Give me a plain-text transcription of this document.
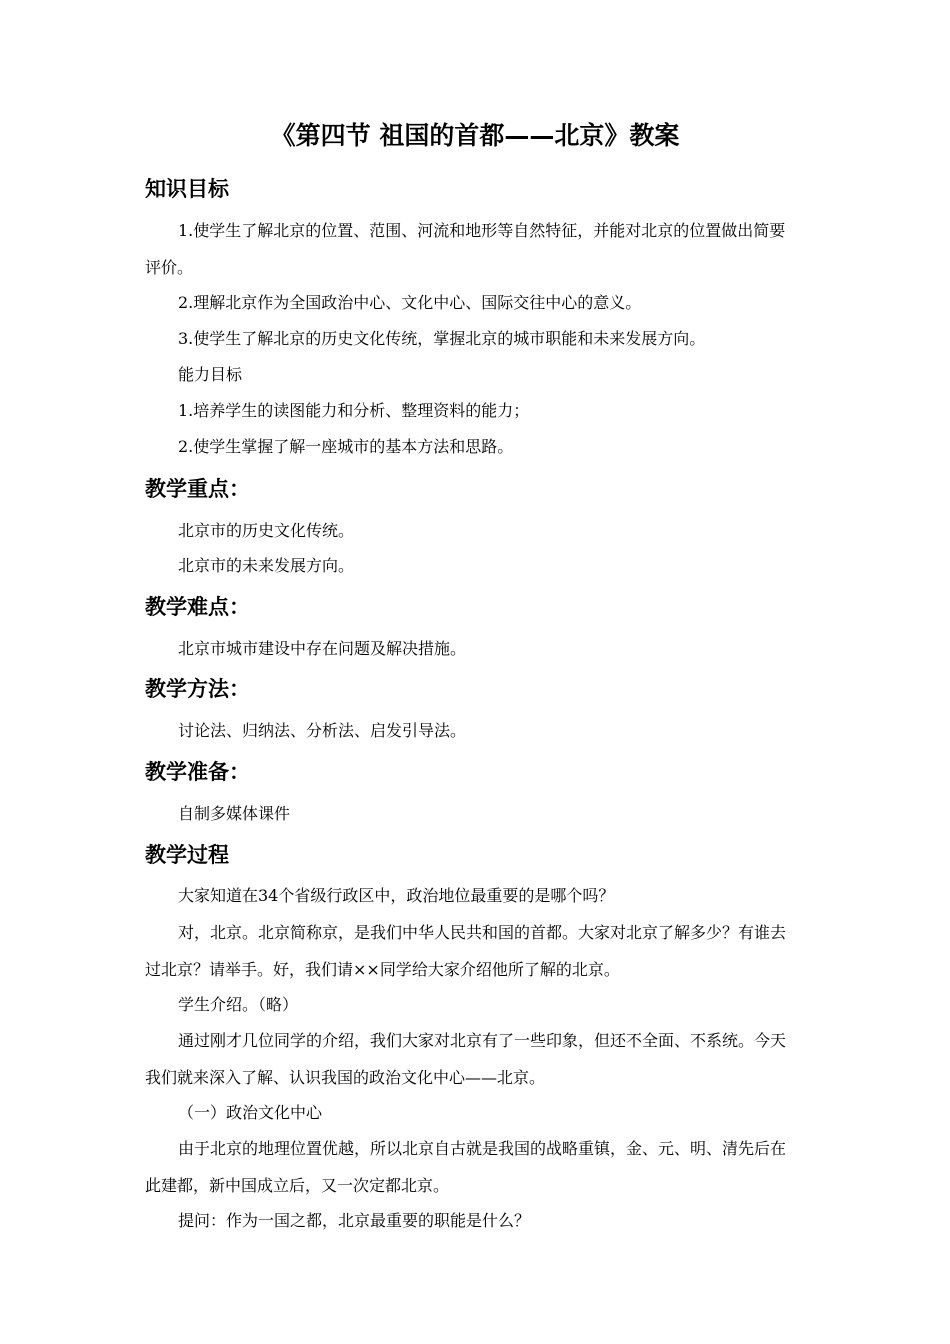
《第四节 祖国的首都——北京》教案
知识目标
1.使学生了解北京的位置、范围、河流和地形等自然特征，并能对北京的位置做出简要评价。
2.理解北京作为全国政治中心、文化中心、国际交往中心的意义。
3.使学生了解北京的历史文化传统，掌握北京的城市职能和未来发展方向。
能力目标
1.培养学生的读图能力和分析、整理资料的能力；
2.使学生掌握了解一座城市的基本方法和思路。
教学重点：
北京市的历史文化传统。
北京市的未来发展方向。
教学难点：
北京市城市建设中存在问题及解决措施。
教学方法：
讨论法、归纳法、分析法、启发引导法。
教学准备：
自制多媒体课件
教学过程
大家知道在34个省级行政区中，政治地位最重要的是哪个吗？
对，北京。北京简称京，是我们中华人民共和国的首都。大家对北京了解多少？有谁去过北京？请举手。好，我们请××同学给大家介绍他所了解的北京。
学生介绍。（略）
通过刚才几位同学的介绍，我们大家对北京有了一些印象，但还不全面、不系统。今天我们就来深入了解、认识我国的政治文化中心——北京。
（一）政治文化中心
由于北京的地理位置优越，所以北京自古就是我国的战略重镇，金、元、明、清先后在此建都，新中国成立后，又一次定都北京。
提问：作为一国之都，北京最重要的职能是什么？
